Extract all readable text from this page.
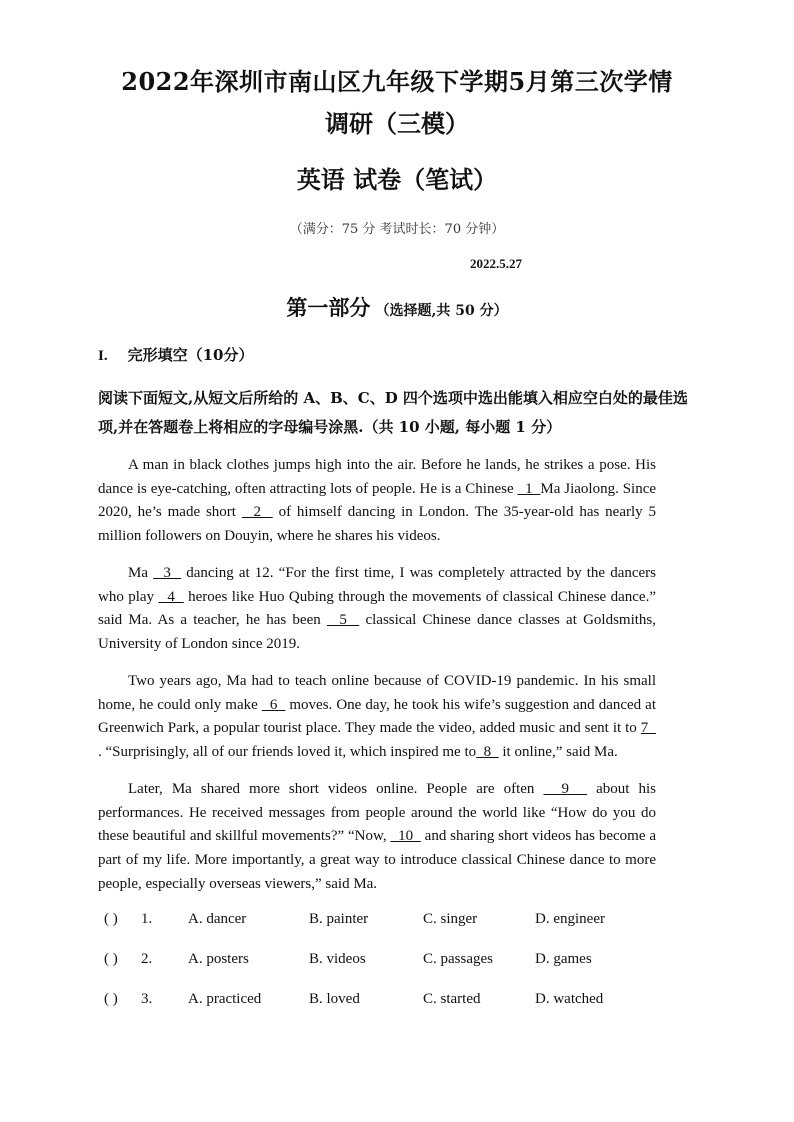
2022年深圳市南山区九年级下学期5月第三次学情
调研（三模）
英语 试卷（笔试）
（满分：75 分 考试时长：70 分钟）
2022.5.27
第一部分 （选择题,共 50 分）
I. 完形填空（10分）
阅读下面短文,从短文后所给的 A、B、C、D 四个选项中选出能填入相应空白处的最佳选项,并在答题卷上将相应的字母编号涂黑.（共 10 小题, 每小题 1 分）

A man in black clothes jumps high into the air. Before he lands, he strikes a pose. His dance is eye-catching, often attracting lots of people. He is a Chinese   1  Ma Jiaolong. Since 2020, he’s made short   2   of himself dancing in London. The 35-year-old has nearly 5 million followers on Douyin, where he shares his videos.

Ma   3   dancing at 12. “For the first time, I was completely attracted by the dancers who play   4   heroes like Huo Qubing through the movements of classical Chinese dance.” said Ma. As a teacher, he has been   5   classical Chinese dance classes at Goldsmiths, University of London since 2019.

Two years ago, Ma had to teach online because of COVID-19 pandemic. In his small home, he could only make   6   moves. One day, he took his wife’s suggestion and danced at Greenwich Park, a popular tourist place. They made the video, added music and sent it to 7   . “Surprisingly, all of our friends loved it, which inspired me to  8   it online,” said Ma.

Later, Ma shared more short videos online. People are often   9   about his performances. He received messages from people around the world like “How do you do these beautiful and skillful movements?” “Now,   10   and sharing short videos has become a part of my life. More importantly, a great way to introduce classical Chinese dance to more people, especially overseas viewers,” said Ma.

( ) 1. A. dancer	B. painter	C. singer	D. engineer
( ) 2. A. posters	B. videos	C. passages	D. games
( ) 3. A. practiced	B. loved	C. started	D. watched
